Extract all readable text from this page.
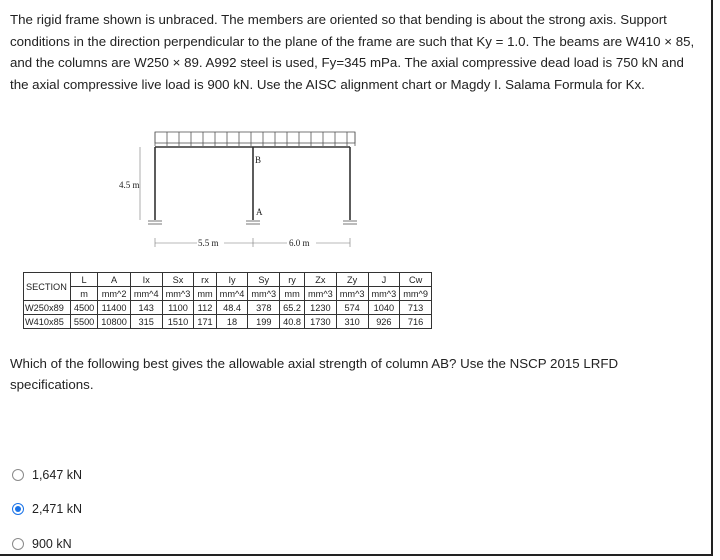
The rigid frame shown is unbraced. The members are oriented so that bending is about the strong axis. Support conditions in the direction perpendicular to the plane of the frame are such that Ky = 1.0. The beams are W410 × 85, and the columns are W250 × 89. A992 steel is used, Fy=345 mPa. The axial compressive dead load is 750 kN and the axial compressive live load is 900 kN. Use the AISC alignment chart or Magdy I. Salama Formula for Kx.
4.5 m
B
A
5.5 m	6.0 m
SECTION	L	A	Ix	Sx	rx	Iy	Sy	ry	Zx	Zy	J	Cw
	m	mm^2	mm^4	mm^3	mm	mm^4	mm^3	mm	mm^3	mm^3	mm^3	mm^9
W250x89	4500	11400	143	1100	112	48.4	378	65.2	1230	574	1040	713
W410x85	5500	10800	315	1510	171	18	199	40.8	1730	310	926	716
Which of the following best gives the allowable axial strength of column AB? Use the NSCP 2015 LRFD specifications.
1,647 kN
2,471 kN
900 kN
